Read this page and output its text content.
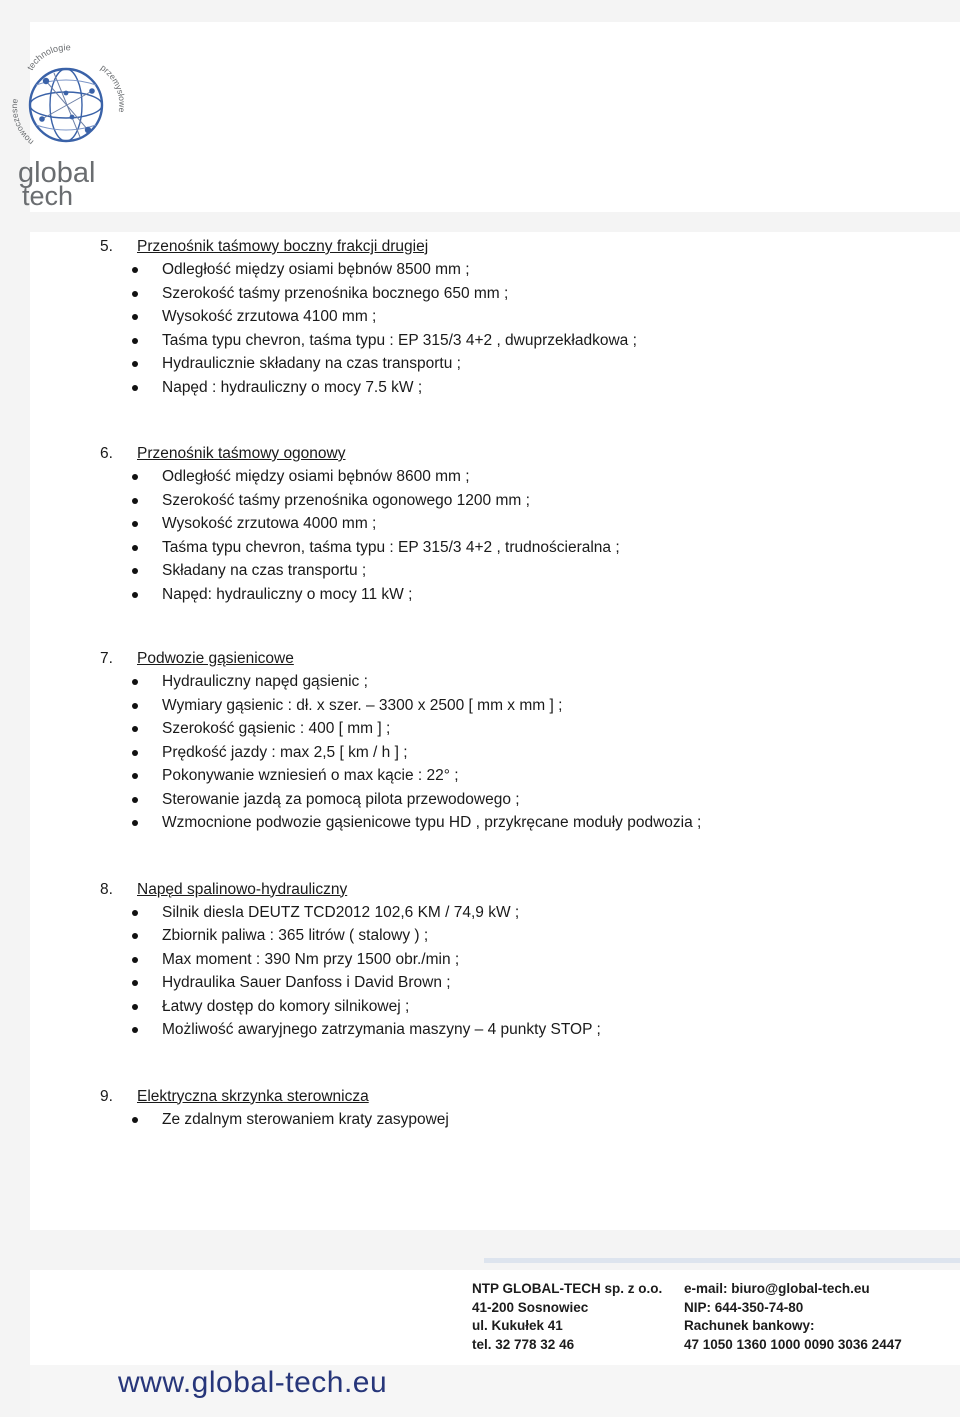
technologie
nowoczesne
przemysłowe
global
tech
5.	Przenośnik taśmowy boczny frakcji drugiej
Odległość między osiami bębnów 8500 mm ;
Szerokość taśmy przenośnika bocznego 650 mm ;
Wysokość zrzutowa 4100 mm ;
Taśma typu chevron, taśma typu : EP 315/3 4+2 , dwuprzekładkowa ;
Hydraulicznie składany na czas transportu ;
Napęd : hydrauliczny o mocy 7.5 kW ;
6.	Przenośnik taśmowy ogonowy
Odległość między osiami bębnów 8600 mm ;
Szerokość taśmy przenośnika ogonowego 1200 mm ;
Wysokość zrzutowa 4000 mm ;
Taśma typu chevron, taśma typu : EP 315/3 4+2 , trudnościeralna ;
Składany na czas transportu ;
Napęd: hydrauliczny o mocy 11 kW ;
7.	Podwozie gąsienicowe
Hydrauliczny napęd gąsienic ;
Wymiary gąsienic : dł. x szer. – 3300 x 2500 [ mm x mm ] ;
Szerokość gąsienic : 400 [ mm ] ;
Prędkość jazdy : max 2,5 [ km / h ] ;
Pokonywanie wzniesień o max kącie : 22° ;
Sterowanie jazdą za pomocą pilota przewodowego ;
Wzmocnione podwozie gąsienicowe typu HD , przykręcane moduły podwozia ;
8.	Napęd spalinowo-hydrauliczny
Silnik diesla DEUTZ TCD2012 102,6 KM / 74,9 kW ;
Zbiornik paliwa : 365 litrów ( stalowy ) ;
Max moment : 390 Nm przy 1500 obr./min ;
Hydraulika Sauer Danfoss i David Brown ;
Łatwy dostęp do komory silnikowej ;
Możliwość awaryjnego zatrzymania maszyny – 4 punkty STOP ;
9.	Elektryczna skrzynka sterownicza
Ze zdalnym sterowaniem kraty zasypowej
NTP GLOBAL-TECH sp. z o.o.
41-200 Sosnowiec
ul. Kukułek 41
tel. 32 778 32 46
e-mail: biuro@global-tech.eu
NIP: 644-350-74-80
Rachunek bankowy:
47 1050 1360 1000 0090 3036 2447
www.global-tech.eu
